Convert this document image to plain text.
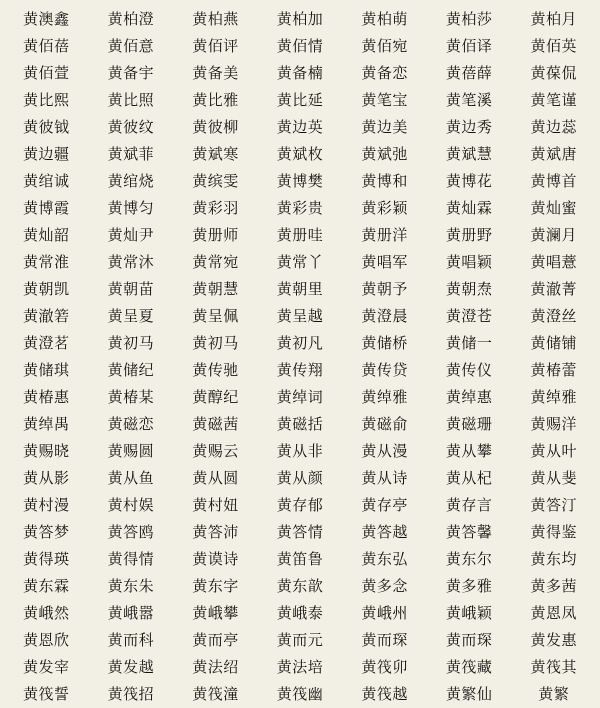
黄澳鑫	黄柏澄	黄柏燕	黄柏加	黄柏萌	黄柏莎	黄柏月
黄佰蓓	黄佰意	黄佰评	黄佰情	黄佰宛	黄佰译	黄佰英
黄佰萱	黄备宇	黄备美	黄备楠	黄备恋	黄蓓薛	黄葆侃
黄比熙	黄比照	黄比雅	黄比延	黄笔宝	黄笔溪	黄笔谨
黄彼钺	黄彼纹	黄彼柳	黄边英	黄边美	黄边秀	黄边蕊
黄边疆	黄斌菲	黄斌寒	黄斌枚	黄斌弛	黄斌慧	黄斌唐
黄绾诚	黄绾烧	黄缤雯	黄博樊	黄博和	黄博花	黄博首
黄博霞	黄博匀	黄彩羽	黄彩贵	黄彩颖	黄灿霖	黄灿蜜
黄灿韶	黄灿尹	黄册师	黄册哇	黄册洋	黄册野	黄澜月
黄常淮	黄常沐	黄常宛	黄常丫	黄唱军	黄唱颖	黄唱薏
黄朝凯	黄朝苗	黄朝慧	黄朝里	黄朝予	黄朝焘	黄澈菁
黄澈箬	黄呈夏	黄呈佩	黄呈越	黄澄晨	黄澄苍	黄澄丝
黄澄茗	黄初马	黄初马	黄初凡	黄储桥	黄储一	黄储铺
黄储琪	黄储纪	黄传驰	黄传翔	黄传贷	黄传仪	黄椿蕾
黄椿惠	黄椿某	黄醇纪	黄绰词	黄绰雅	黄绰惠	黄绰雅
黄绰禺	黄磁恋	黄磁茜	黄磁括	黄磁俞	黄磁珊	黄赐洋
黄赐晓	黄赐圆	黄赐云	黄从非	黄从漫	黄从攀	黄从叶
黄从影	黄从鱼	黄从圆	黄从颜	黄从诗	黄从杞	黄从斐
黄村漫	黄村娱	黄村妞	黄存郁	黄存亭	黄存言	黄答汀
黄答梦	黄答鸥	黄答沛	黄答情	黄答越	黄答馨	黄得鉴
黄得瑛	黄得情	黄谟诗	黄笛鲁	黄东弘	黄东尔	黄东均
黄东霖	黄东朱	黄东字	黄东歆	黄多念	黄多雅	黄多茜
黄峨然	黄峨嚣	黄峨攀	黄峨泰	黄峨州	黄峨颖	黄恩凤
黄恩欣	黄而科	黄而亭	黄而元	黄而琛	黄而琛	黄发惠
黄发宰	黄发越	黄法绍	黄法培	黄筏卯	黄筏藏	黄筏其
黄筏誓	黄筏招	黄筏潼	黄筏幽	黄筏越	黄繁仙	黄繁
